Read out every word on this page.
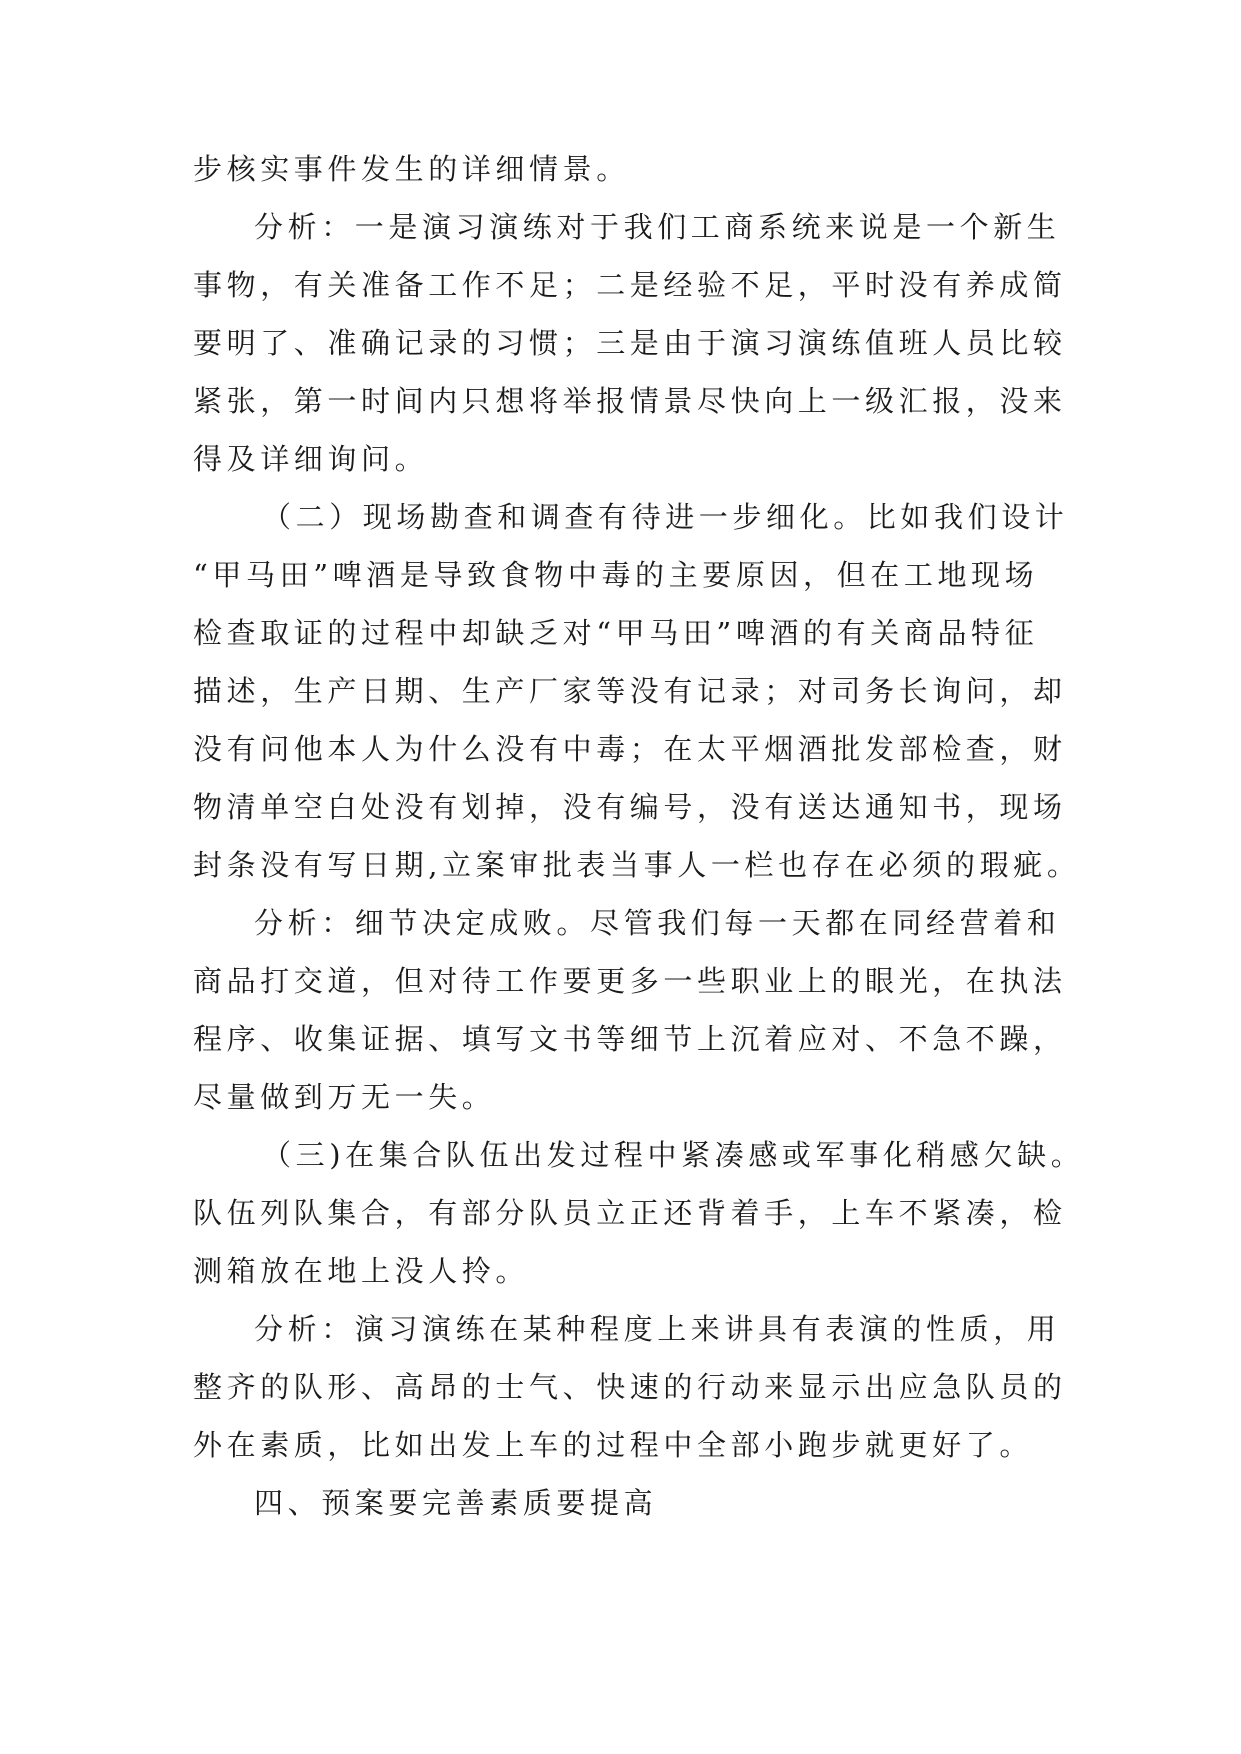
步核实事件发生的详细情景。
分析：一是演习演练对于我们工商系统来说是一个新生
事物，有关准备工作不足；二是经验不足，平时没有养成简
要明了、准确记录的习惯；三是由于演习演练值班人员比较
紧张，第一时间内只想将举报情景尽快向上一级汇报，没来
得及详细询问。
（二）现场勘查和调查有待进一步细化。比如我们设计
“甲马田”啤酒是导致食物中毒的主要原因，但在工地现场
检查取证的过程中却缺乏对“甲马田”啤酒的有关商品特征
描述，生产日期、生产厂家等没有记录；对司务长询问，却
没有问他本人为什么没有中毒；在太平烟酒批发部检查，财
物清单空白处没有划掉，没有编号，没有送达通知书，现场
封条没有写日期,立案审批表当事人一栏也存在必须的瑕疵。
分析：细节决定成败。尽管我们每一天都在同经营着和
商品打交道，但对待工作要更多一些职业上的眼光，在执法
程序、收集证据、填写文书等细节上沉着应对、不急不躁，
尽量做到万无一失。
（三)在集合队伍出发过程中紧凑感或军事化稍感欠缺。
队伍列队集合，有部分队员立正还背着手，上车不紧凑，检
测箱放在地上没人拎。
分析：演习演练在某种程度上来讲具有表演的性质，用
整齐的队形、高昂的士气、快速的行动来显示出应急队员的
外在素质，比如出发上车的过程中全部小跑步就更好了。
四、预案要完善素质要提高
